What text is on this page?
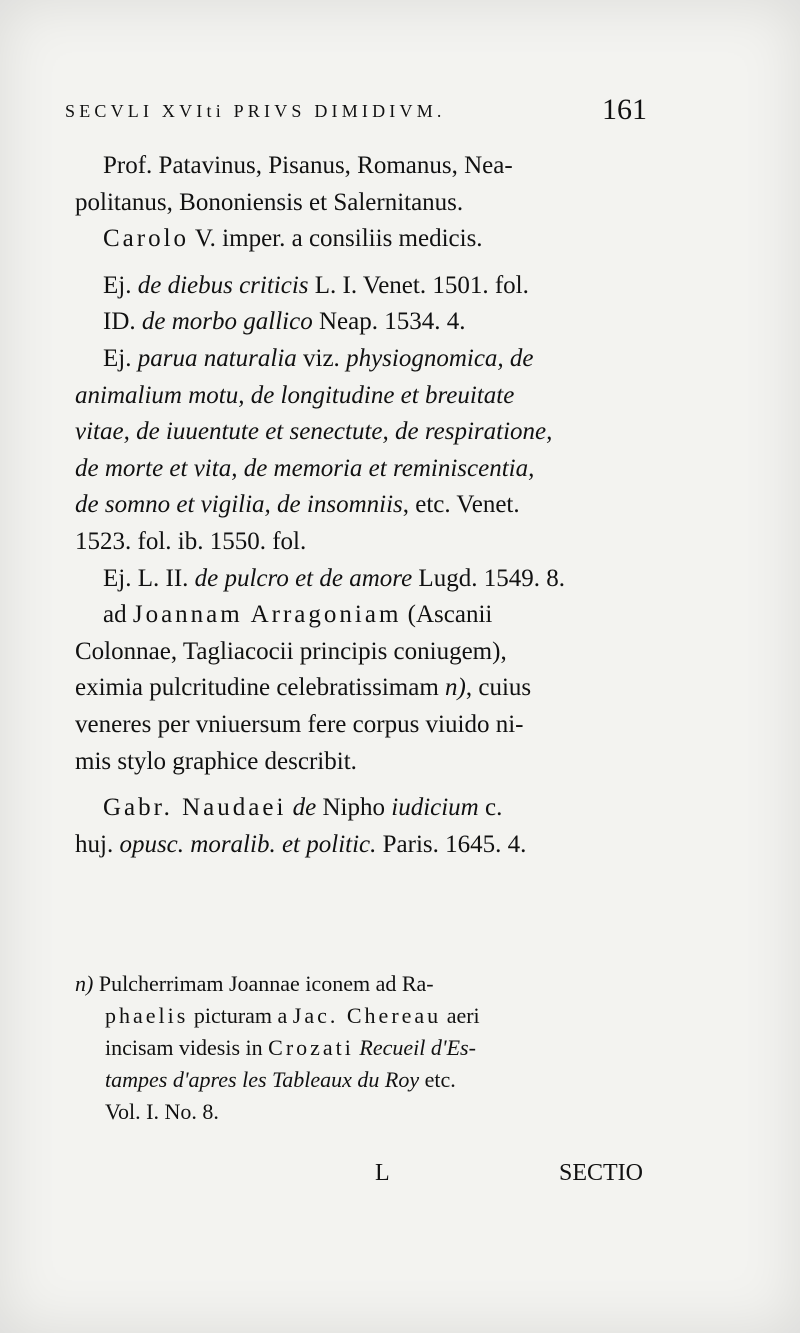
SECVLI XVIti PRIVS DIMIDIVM.	161
Prof. Patavinus, Pisanus, Romanus, Nea-
politanus, Bononiensis et Salernitanus.
Carolo V. imper. a consiliis medicis.
Ej. de diebus criticis L. I. Venet. 1501. fol.
ID. de morbo gallico Neap. 1534. 4.
Ej. parua naturalia viz. physiognomica, de
animalium motu, de longitudine et breuitate
vitae, de iuuentute et senectute, de respiratione,
de morte et vita, de memoria et reminiscentia,
de somno et vigilia, de insomniis, etc. Venet.
1523. fol. ib. 1550. fol.
Ej. L. II. de pulcro et de amore Lugd. 1549. 8.
ad Joannam Arragoniam (Ascanii
Colonnae, Tagliacocii principis coniugem),
eximia pulcritudine celebratissimam n), cuius
veneres per vniuersum fere corpus viuido ni-
mis stylo graphice describit.
Gabr. Naudaei de Nipho iudicium c.
huj. opusc. moralib. et politic. Paris. 1645. 4.
n) Pulcherrimam Joannae iconem ad Ra-
phaelis picturam a Jac. Chereau aeri
incisam videsis in Crozati Recueil d'Es-
tampes d'apres les Tableaux du Roy etc.
Vol. I. No. 8.
L	SECTIO
